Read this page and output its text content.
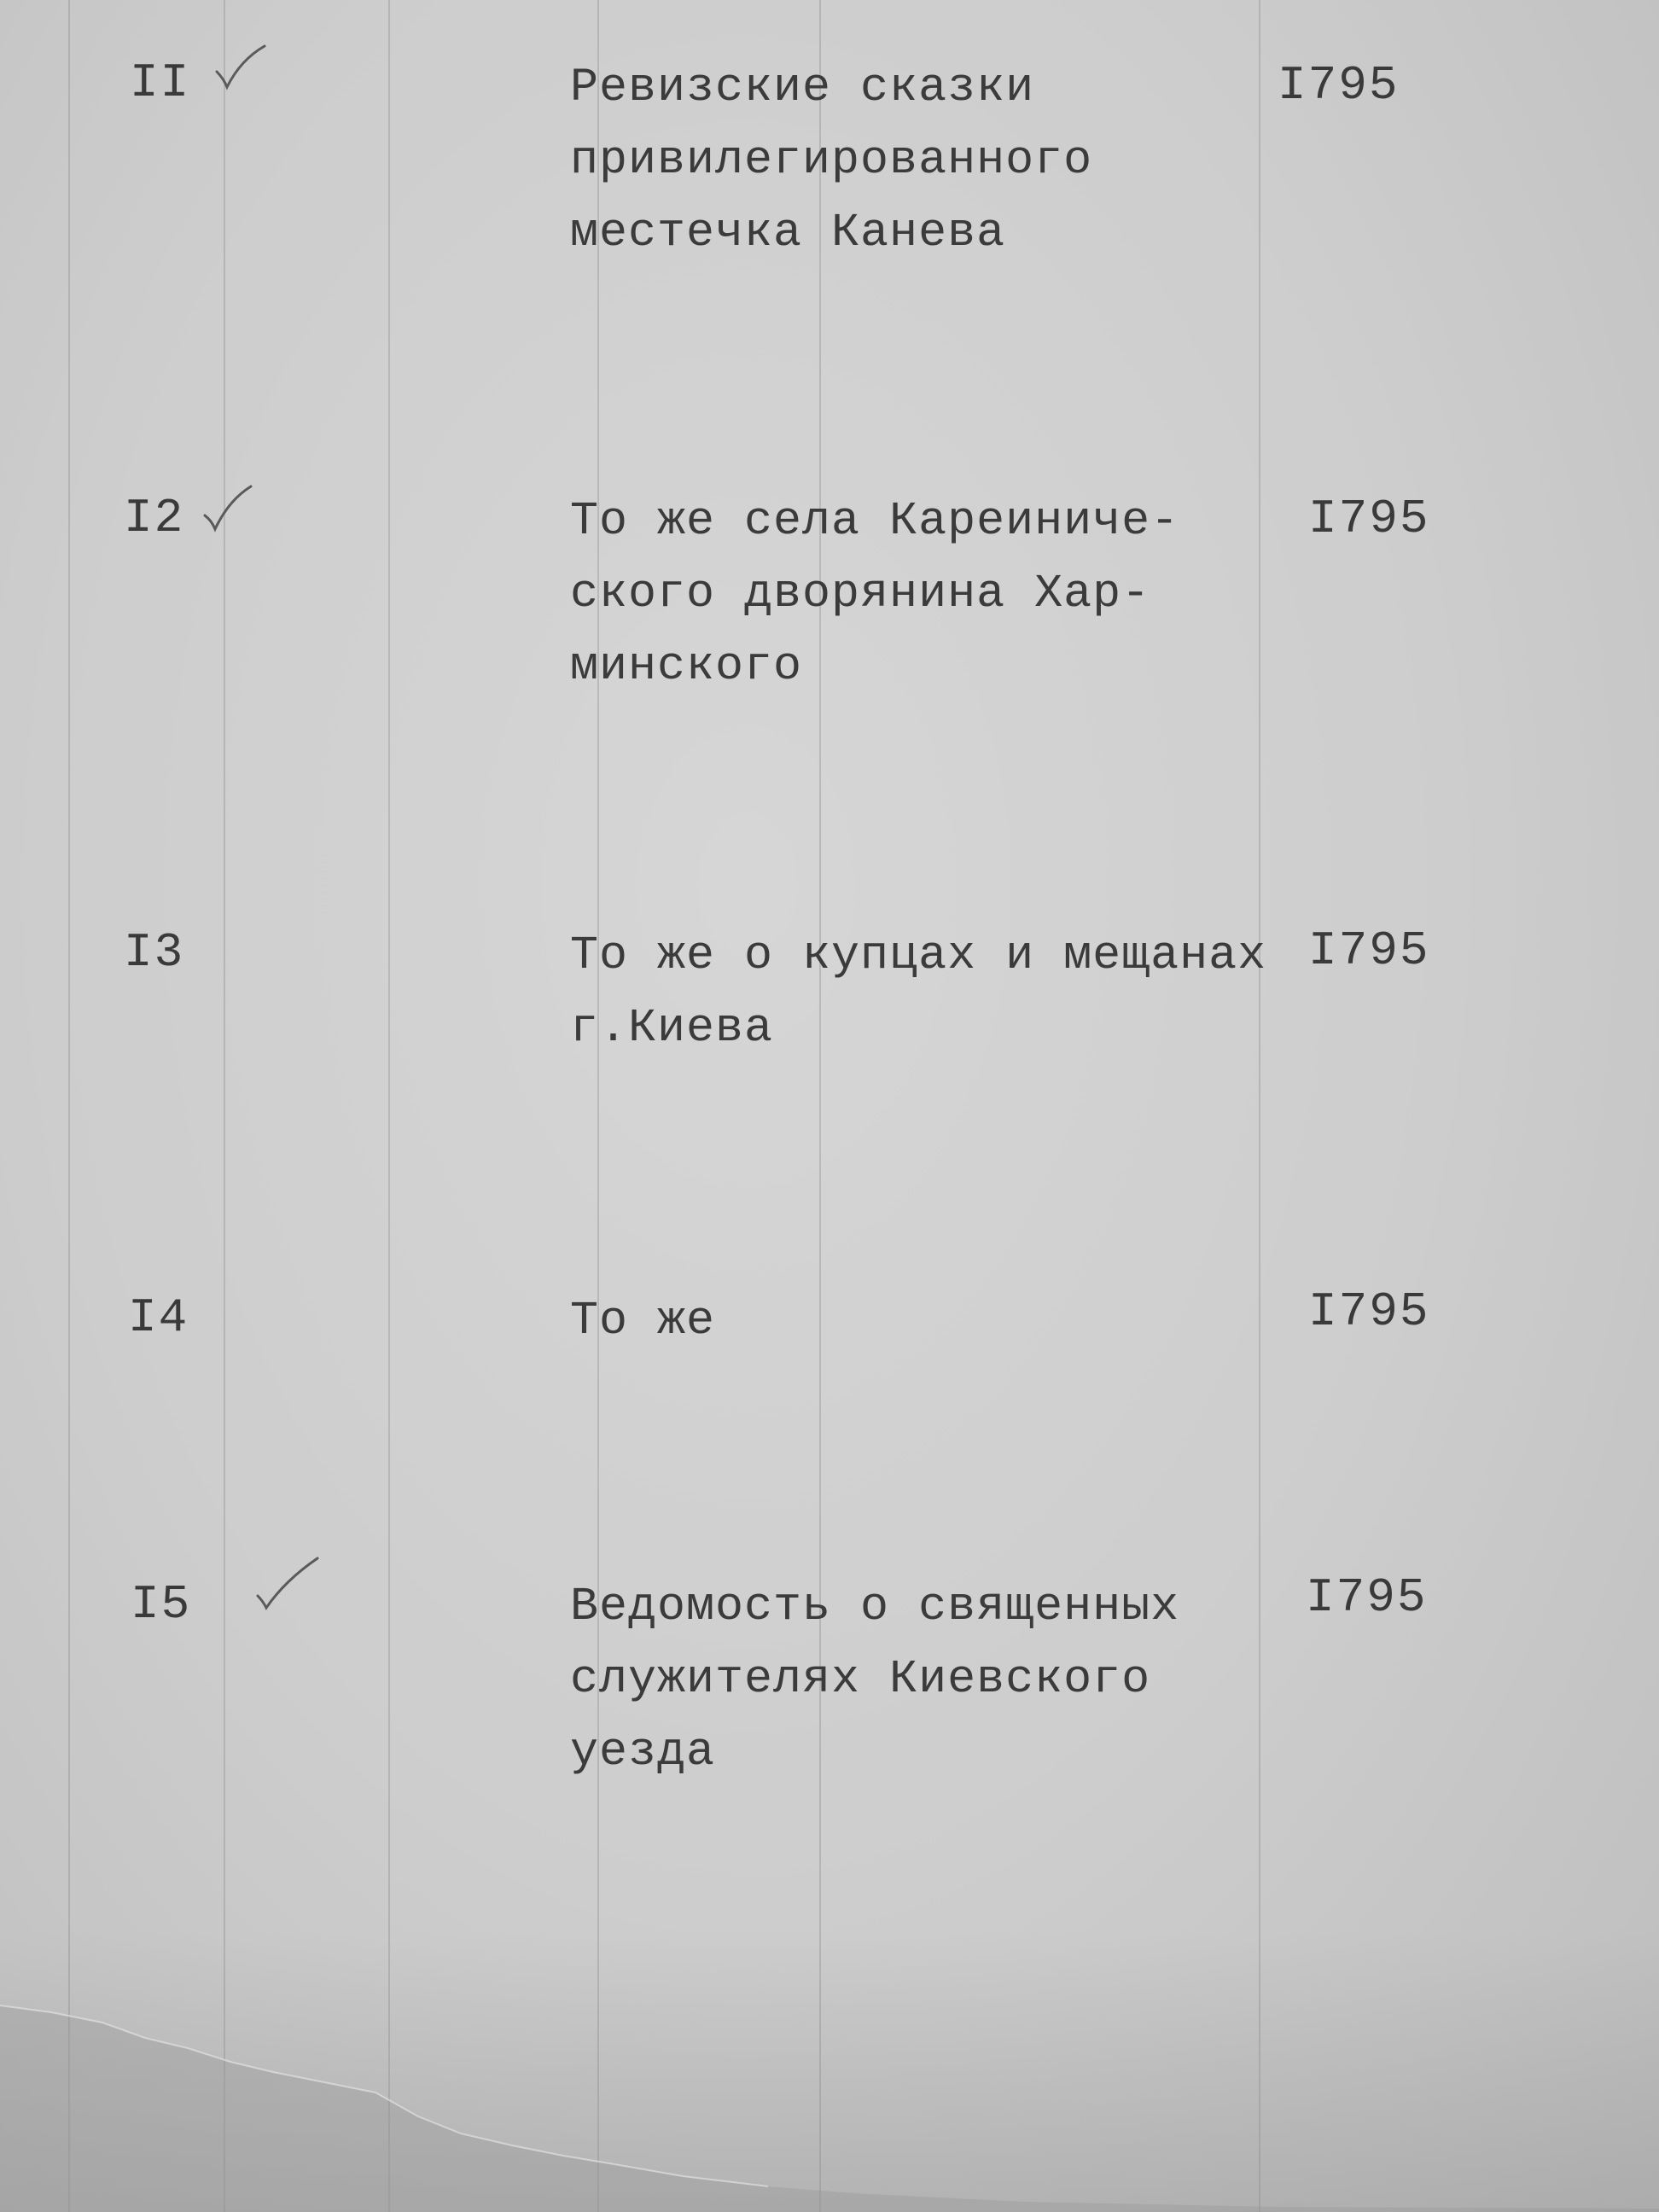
II	Ревизские сказки
привилегированного
местечка Канева
I795
I2	То же села Кареиниче-
ского дворянина Хар-
минского
I795
I3	То же о купцах и мещанах
г.Киева
I795
I4	То же	I795
I5	Ведомость о священных
служителях Киевского
уезда
I795
